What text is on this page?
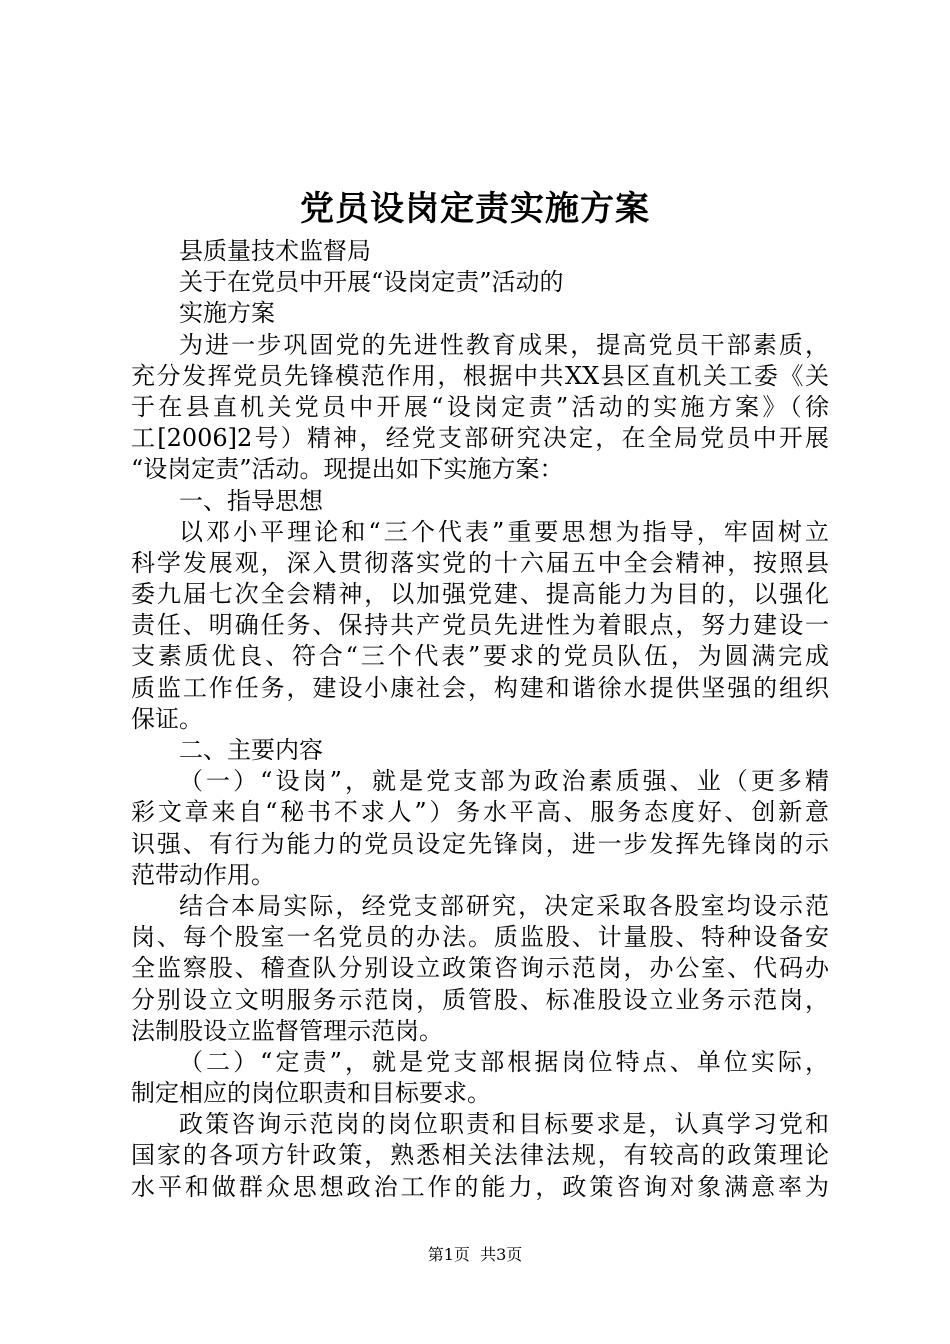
党员设岗定责实施方案
县质量技术监督局
关于在党员中开展“设岗定责”活动的
实施方案
为进一步巩固党的先进性教育成果，提高党员干部素质，
充分发挥党员先锋模范作用，根据中共XX县区直机关工委《关
于在县直机关党员中开展“设岗定责”活动的实施方案》（徐
工[2006]2号）精神，经党支部研究决定，在全局党员中开展
“设岗定责”活动。现提出如下实施方案：
一、指导思想
以邓小平理论和“三个代表”重要思想为指导，牢固树立
科学发展观，深入贯彻落实党的十六届五中全会精神，按照县
委九届七次全会精神，以加强党建、提高能力为目的，以强化
责任、明确任务、保持共产党员先进性为着眼点，努力建设一
支素质优良、符合“三个代表”要求的党员队伍，为圆满完成
质监工作任务，建设小康社会，构建和谐徐水提供坚强的组织
保证。
二、主要内容
（一）“设岗”，就是党支部为政治素质强、业（更多精
彩文章来自“秘书不求人”）务水平高、服务态度好、创新意
识强、有行为能力的党员设定先锋岗，进一步发挥先锋岗的示
范带动作用。
结合本局实际，经党支部研究，决定采取各股室均设示范
岗、每个股室一名党员的办法。质监股、计量股、特种设备安
全监察股、稽查队分别设立政策咨询示范岗，办公室、代码办
分别设立文明服务示范岗，质管股、标准股设立业务示范岗，
法制股设立监督管理示范岗。
（二）“定责”，就是党支部根据岗位特点、单位实际，
制定相应的岗位职责和目标要求。
政策咨询示范岗的岗位职责和目标要求是，认真学习党和
国家的各项方针政策，熟悉相关法律法规，有较高的政策理论
水平和做群众思想政治工作的能力，政策咨询对象满意率为
第1页  共3页
